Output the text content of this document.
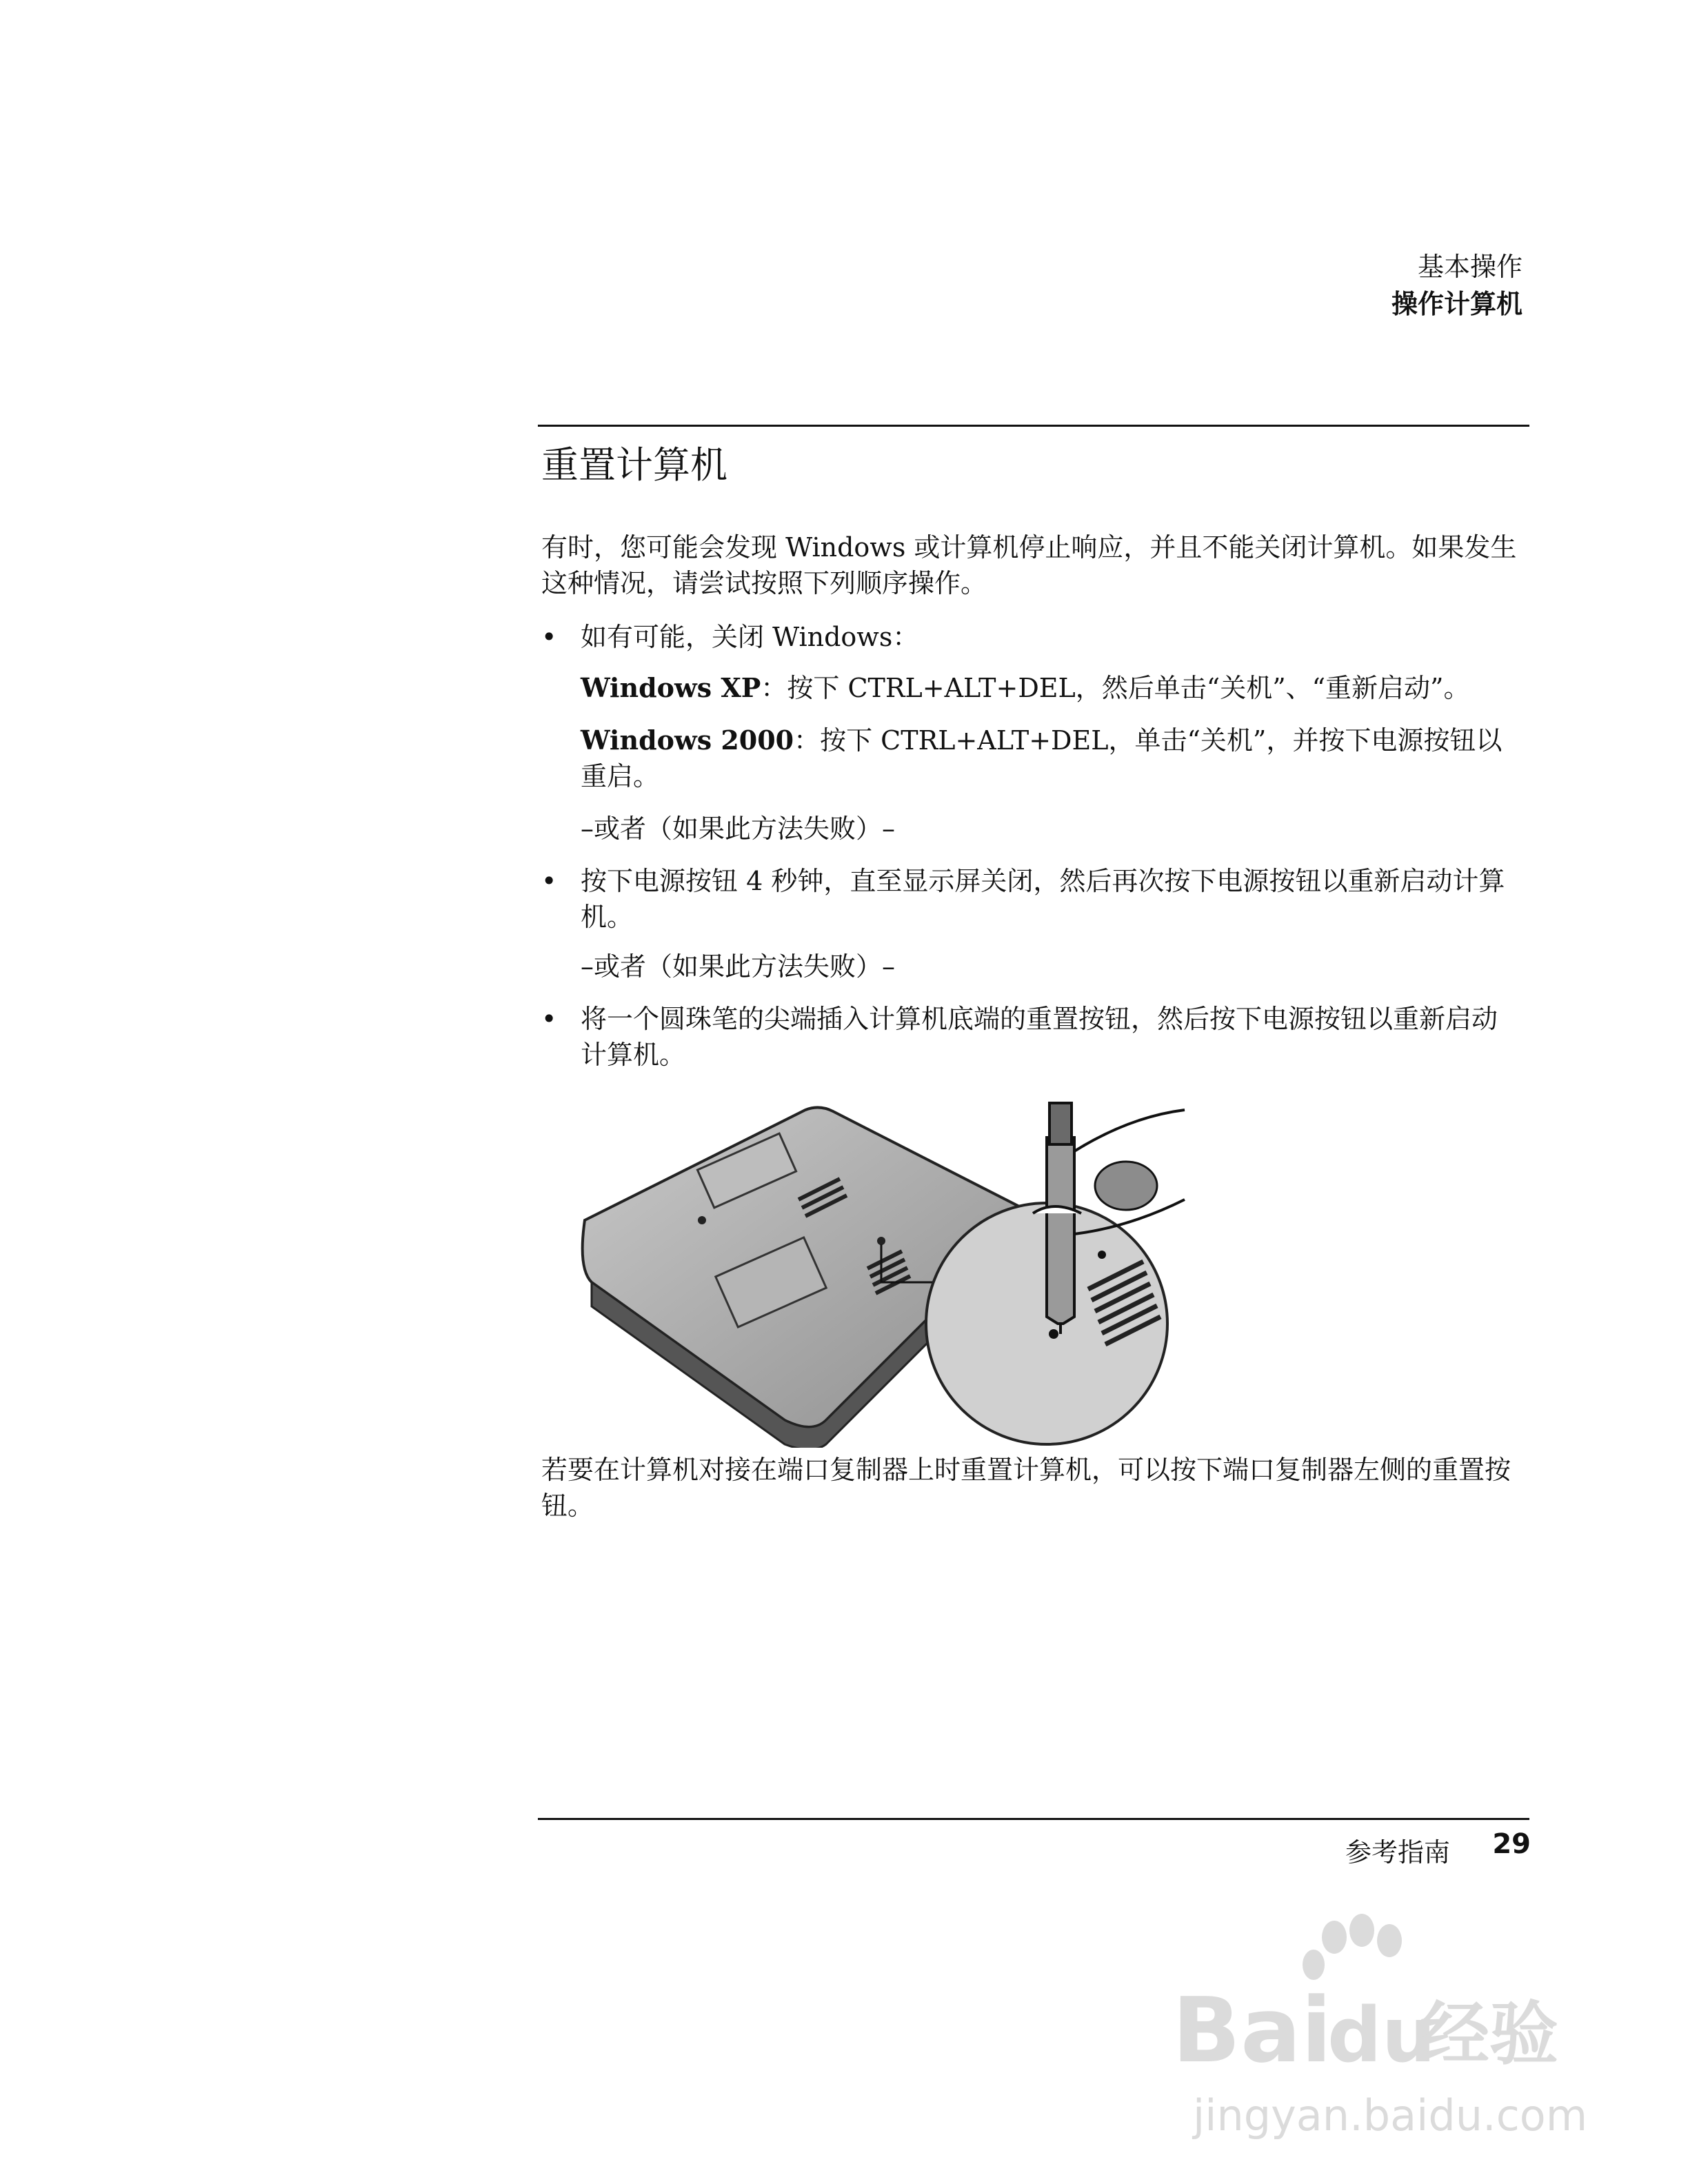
基本操作
操作计算机
重置计算机
有时，您可能会发现 Windows 或计算机停止响应，并且不能关闭计算机。如果发生这种情况，请尝试按照下列顺序操作。
• 如有可能，关闭 Windows：
Windows XP：按下 CTRL+ALT+DEL，然后单击“关机”、“重新启动”。
Windows 2000：按下 CTRL+ALT+DEL，单击“关机”，并按下电源按钮以重启。
–或者（如果此方法失败）–
• 按下电源按钮 4 秒钟，直至显示屏关闭，然后再次按下电源按钮以重新启动计算机。
–或者（如果此方法失败）–
• 将一个圆珠笔的尖端插入计算机底端的重置按钮，然后按下电源按钮以重新启动计算机。
若要在计算机对接在端口复制器上时重置计算机，可以按下端口复制器左侧的重置按钮。
参考指南 29
Bai
du
经验
jingyan.baidu.com
